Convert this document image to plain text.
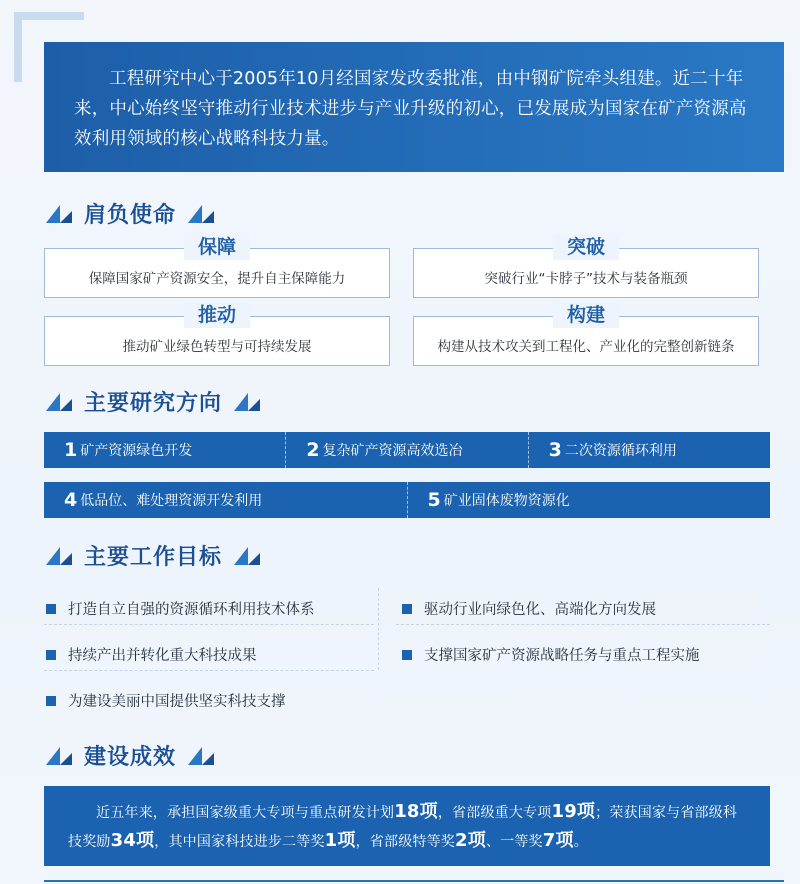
工程研究中心于2005年10月经国家发改委批准，由中钢矿院牵头组建。近二十年来，中心始终坚守推动行业技术进步与产业升级的初心，已发展成为国家在矿产资源高效利用领域的核心战略科技力量。

肩负使命
保障
保障国家矿产资源安全，提升自主保障能力
突破
突破行业“卡脖子”技术与装备瓶颈
推动
推动矿业绿色转型与可持续发展
构建
构建从技术攻关到工程化、产业化的完整创新链条
主要研究方向
1 矿产资源绿色开发	2 复杂矿产资源高效选冶	3 二次资源循环利用
4 低品位、难处理资源开发利用	5 矿业固体废物资源化
主要工作目标
打造自立自强的资源循环利用技术体系	驱动行业向绿色化、高端化方向发展
持续产出并转化重大科技成果	支撑国家矿产资源战略任务与重点工程实施
为建设美丽中国提供坚实科技支撑
建设成效

近五年来，承担国家级重大专项与重点研发计划18项，省部级重大专项19项；荣获国家与省部级科技奖励34项，其中国家科技进步二等奖1项，省部级特等奖2项、一等奖7项。
